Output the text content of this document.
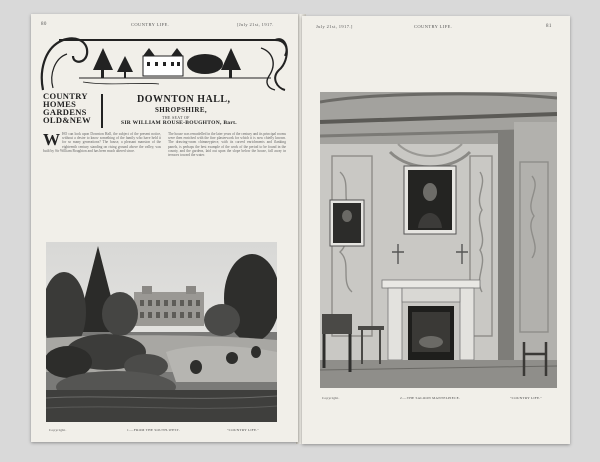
80	COUNTRY LIFE.	[July 21st, 1917.
COUNTRY
HOMES
GARDENS
OLD&NEW
DOWNTON HALL,
SHROPSHIRE,
THE SEAT OF
SIR WILLIAM ROUSE-BOUGHTON, Bart.
W HO can look upon Downton Hall, the subject of the present notice, without a desire to know something of the family who have held it for so many generations? The house, a pleasant mansion of the eighteenth century standing on rising ground above the valley, was built by Sir William Boughton and has been much altered since.
The house was remodelled in the later years of the century and its principal rooms were then enriched with the fine plasterwork for which it is now chiefly known. The drawing-room chimneypiece, with its carved enrichments and flanking panels, is perhaps the best example of the work of the period to be found in the county, and the gardens, laid out upon the slope below the house, fall away in terraces toward the water.
Copyright.	1.—FROM THE SOUTH-WEST.	"COUNTRY LIFE."
July 21st, 1917.]	COUNTRY LIFE.	81
Copyright.	2.—THE SALOON MANTELPIECE.	"COUNTRY LIFE."
